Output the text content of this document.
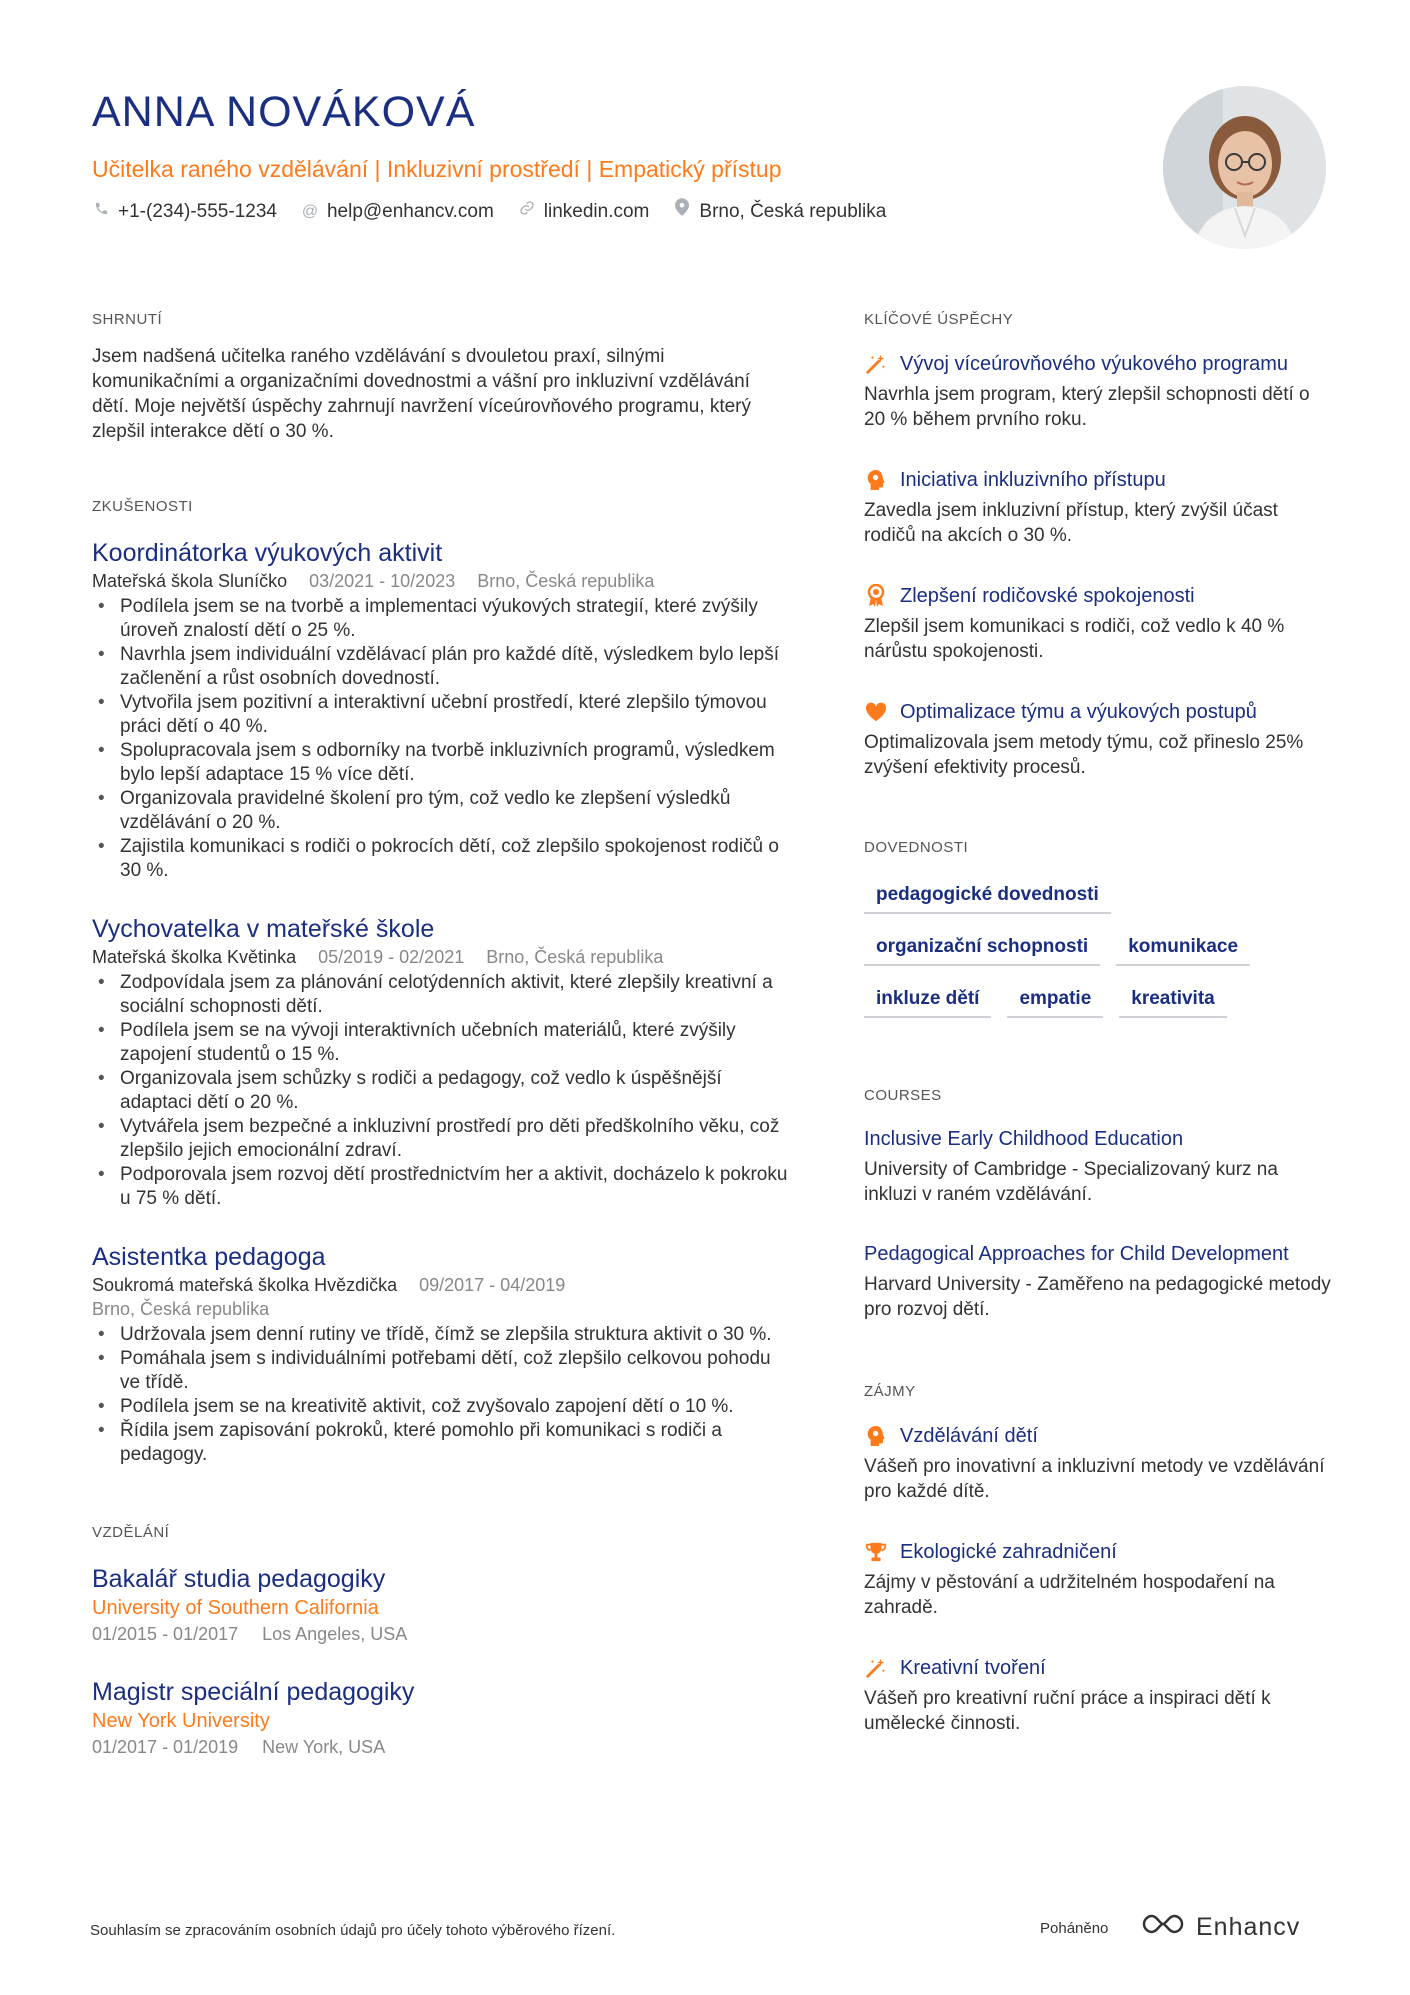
ANNA NOVÁKOVÁ
Učitelka raného vzdělávání | Inkluzivní prostředí | Empatický přístup
+1-(234)-555-1234 @ help@enhancv.com	linkedin.com	Brno, Česká republika
SHRNUTÍ
Jsem nadšená učitelka raného vzdělávání s dvouletou praxí, silnými komunikačními a organizačními dovednostmi a vášní pro inkluzivní vzdělávání dětí. Moje největší úspěchy zahrnují navržení víceúrovňového programu, který zlepšil interakce dětí o 30 %.
ZKUŠENOSTI
Koordinátorka výukových aktivit
Mateřská škola Sluníčko 03/2021 - 10/2023 Brno, Česká republika
• Podílela jsem se na tvorbě a implementaci výukových strategií, které zvýšily úroveň znalostí dětí o 25 %.
• Navrhla jsem individuální vzdělávací plán pro každé dítě, výsledkem bylo lepší začlenění a růst osobních dovedností.
• Vytvořila jsem pozitivní a interaktivní učební prostředí, které zlepšilo týmovou práci dětí o 40 %.
• Spolupracovala jsem s odborníky na tvorbě inkluzivních programů, výsledkem bylo lepší adaptace 15 % více dětí.
• Organizovala pravidelné školení pro tým, což vedlo ke zlepšení výsledků vzdělávání o 20 %.
• Zajistila komunikaci s rodiči o pokrocích dětí, což zlepšilo spokojenost rodičů o 30 %.
Vychovatelka v mateřské škole
Mateřská školka Květinka 05/2019 - 02/2021 Brno, Česká republika
• Zodpovídala jsem za plánování celotýdenních aktivit, které zlepšily kreativní a sociální schopnosti dětí.
• Podílela jsem se na vývoji interaktivních učebních materiálů, které zvýšily zapojení studentů o 15 %.
• Organizovala jsem schůzky s rodiči a pedagogy, což vedlo k úspěšnější adaptaci dětí o 20 %.
• Vytvářela jsem bezpečné a inkluzivní prostředí pro děti předškolního věku, což zlepšilo jejich emocionální zdraví.
• Podporovala jsem rozvoj dětí prostřednictvím her a aktivit, docházelo k pokroku u 75 % dětí.
Asistentka pedagoga
Soukromá mateřská školka Hvězdička 09/2017 - 04/2019
Brno, Česká republika
• Udržovala jsem denní rutiny ve třídě, čímž se zlepšila struktura aktivit o 30 %.
• Pomáhala jsem s individuálními potřebami dětí, což zlepšilo celkovou pohodu ve třídě.
• Podílela jsem se na kreativitě aktivit, což zvyšovalo zapojení dětí o 10 %.
• Řídila jsem zapisování pokroků, které pomohlo při komunikaci s rodiči a pedagogy.
VZDĚLÁNÍ
Bakalář studia pedagogiky
University of Southern California
01/2015 - 01/2017 Los Angeles, USA
Magistr speciální pedagogiky
New York University
01/2017 - 01/2019 New York, USA
KLÍČOVÉ ÚSPĚCHY
Vývoj víceúrovňového výukového programu
Navrhla jsem program, který zlepšil schopnosti dětí o 20 % během prvního roku.
Iniciativa inkluzivního přístupu
Zavedla jsem inkluzivní přístup, který zvýšil účast rodičů na akcích o 30 %.
Zlepšení rodičovské spokojenosti
Zlepšil jsem komunikaci s rodiči, což vedlo k 40 % nárůstu spokojenosti.
Optimalizace týmu a výukových postupů
Optimalizovala jsem metody týmu, což přineslo 25% zvýšení efektivity procesů.
DOVEDNOSTI
pedagogické dovednosti
organizační schopnosti	komunikace
inkluze dětí	empatie	kreativita
COURSES
Inclusive Early Childhood Education
University of Cambridge - Specializovaný kurz na inkluzi v raném vzdělávání.
Pedagogical Approaches for Child Development
Harvard University - Zaměřeno na pedagogické metody pro rozvoj dětí.
ZÁJMY
Vzdělávání dětí
Vášeň pro inovativní a inkluzivní metody ve vzdělávání pro každé dítě.
Ekologické zahradničení
Zájmy v pěstování a udržitelném hospodaření na zahradě.
Kreativní tvoření
Vášeň pro kreativní ruční práce a inspiraci dětí k umělecké činnosti.
Souhlasím se zpracováním osobních údajů pro účely tohoto výběrového řízení.	Poháněno	Enhancv
